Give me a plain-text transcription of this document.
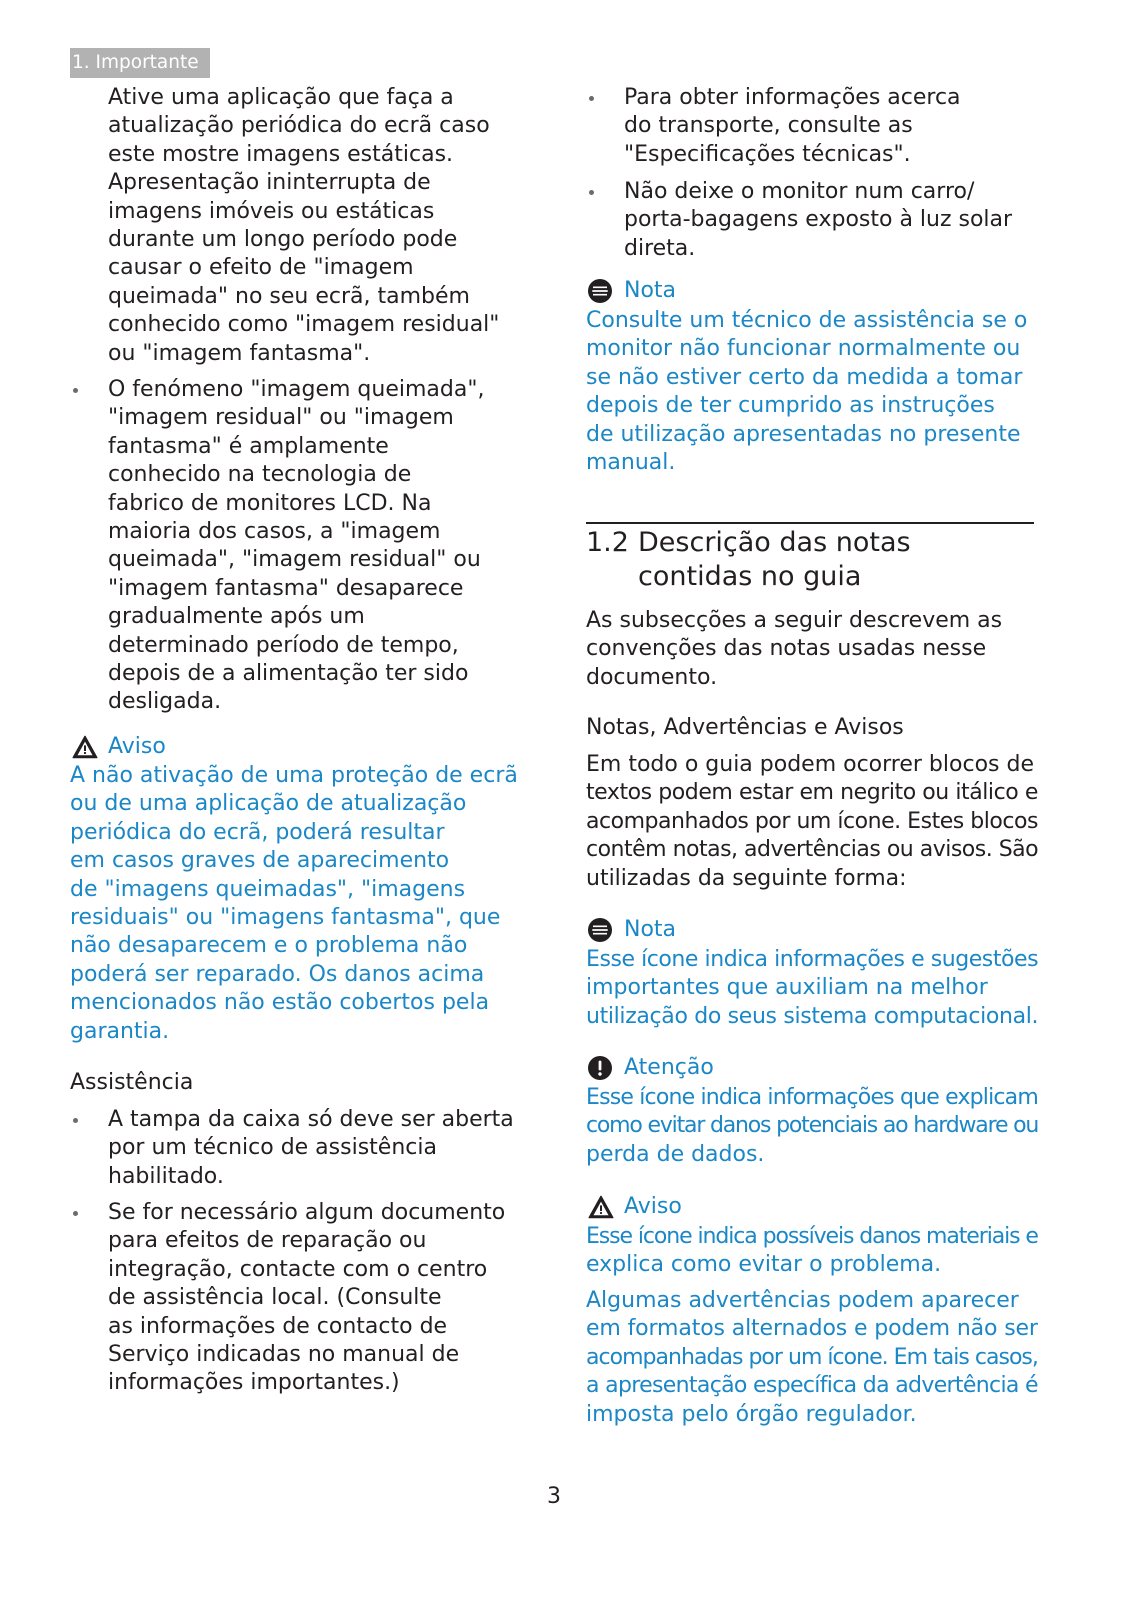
1. Importante
Ative uma aplicação que faça a
atualização periódica do ecrã caso
este mostre imagens estáticas.
Apresentação ininterrupta de
imagens imóveis ou estáticas
durante um longo período pode
causar o efeito de "imagem
queimada" no seu ecrã, também
conhecido como "imagem residual"
ou "imagem fantasma".
O fenómeno "imagem queimada",
"imagem residual" ou "imagem
fantasma" é amplamente
conhecido na tecnologia de
fabrico de monitores LCD. Na
maioria dos casos, a "imagem
queimada", "imagem residual" ou
"imagem fantasma" desaparece
gradualmente após um
determinado período de tempo,
depois de a alimentação ter sido
desligada.
Aviso
A não ativação de uma proteção de ecrã
ou de uma aplicação de atualização
periódica do ecrã, poderá resultar
em casos graves de aparecimento
de "imagens queimadas", "imagens
residuais" ou "imagens fantasma", que
não desaparecem e o problema não
poderá ser reparado. Os danos acima
mencionados não estão cobertos pela
garantia.
Assistência
A tampa da caixa só deve ser aberta
por um técnico de assistência
habilitado.
Se for necessário algum documento
para efeitos de reparação ou
integração, contacte com o centro
de assistência local. (Consulte
as informações de contacto de
Serviço indicadas no manual de
informações importantes.)
Para obter informações acerca
do transporte, consulte as
"Especificações técnicas".
Não deixe o monitor num carro/
porta-bagagens exposto à luz solar
direta.
Nota
Consulte um técnico de assistência se o
monitor não funcionar normalmente ou
se não estiver certo da medida a tomar
depois de ter cumprido as instruções
de utilização apresentadas no presente
manual.
1.2 Descrição das notas
contidas no guia
As subsecções a seguir descrevem as
convenções das notas usadas nesse
documento.
Notas, Advertências e Avisos
Em todo o guia podem ocorrer blocos de
textos podem estar em negrito ou itálico e
acompanhados por um ícone. Estes blocos
contêm notas, advertências ou avisos. São
utilizadas da seguinte forma:
Nota
Esse ícone indica informações e sugestões
importantes que auxiliam na melhor
utilização do seus sistema computacional.
Atenção
Esse ícone indica informações que explicam
como evitar danos potenciais ao hardware ou
perda de dados.
Aviso
Esse ícone indica possíveis danos materiais e
explica como evitar o problema.
Algumas advertências podem aparecer
em formatos alternados e podem não ser
acompanhadas por um ícone. Em tais casos,
a apresentação específica da advertência é
imposta pelo órgão regulador.
3
